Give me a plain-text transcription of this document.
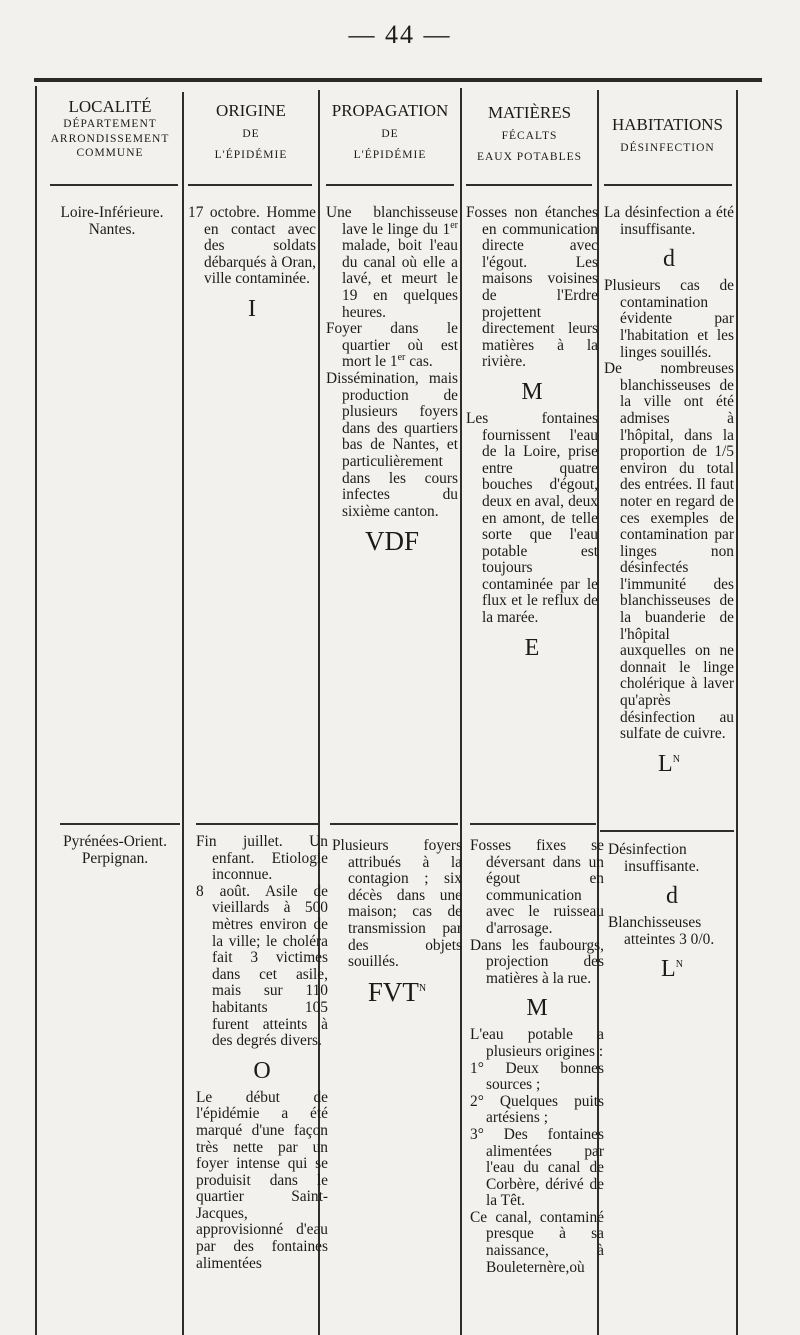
— 44 —
LOCALITÉ
DÉPARTEMENT
ARRONDISSEMENT
COMMUNE
ORIGINE
DE
L'ÉPIDÉMIE
PROPAGATION
DE
L'ÉPIDÉMIE
MATIÈRES
FÉCALTS
EAUX POTABLES
HABITATIONS
DÉSINFECTION

Loire-Inférieure.

Nantes.

17 octobre. Homme en contact avec des soldats débarqués à Oran, ville contaminée.

I

Une blanchisseuse lave le linge du 1er malade, boit l'eau du canal où elle a lavé, et meurt le 19 en quelques heures.

Foyer dans le quartier où est mort le 1er cas.

Dissémination, mais production de plusieurs foyers dans des quartiers bas de Nantes, et particulièrement dans les cours infectes du sixième canton.

VDF

Fosses non étanches en communication directe avec l'égout. Les maisons voisines de l'Erdre projettent directement leurs matières à la rivière.

M

Les fontaines fournissent l'eau de la Loire, prise entre quatre bouches d'égout, deux en aval, deux en amont, de telle sorte que l'eau potable est toujours contaminée par le flux et le reflux de la marée.

E

La désinfection a été insuffisante.

d

Plusieurs cas de contamination évidente par l'habitation et les linges souillés.

De nombreuses blanchisseuses de la ville ont été admises à l'hôpital, dans la proportion de 1/5 environ du total des entrées. Il faut noter en regard de ces exemples de contamination par linges non désinfectés l'immunité des blanchisseuses de la buanderie de l'hôpital auxquelles on ne donnait le linge cholérique à laver qu'après désinfection au sulfate de cuivre.

$L^N$

Pyrénées-Orient.

Perpignan.

Fin juillet. Un enfant. Etiologie inconnue.

8 août. Asile de vieillards à 500 mètres environ de la ville; le choléra fait 3 victimes dans cet asile, mais sur 110 habitants 105 furent atteints à des degrés divers.

O

Le début de l'épidémie a été marqué d'une façon très nette par un foyer intense qui se produisit dans le quartier Saint-Jacques, approvisionné d'eau par des fontaines alimentées

Plusieurs foyers attribués à la contagion ; six décès dans une maison; cas de transmission par des objets souillés.

$FVT^N$

Fosses fixes se déversant dans un égout en communication avec le ruisseau d'arrosage.

Dans les faubourgs, projection des matières à la rue.

M

L'eau potable a plusieurs origines :

1° Deux bonnes sources ;

2° Quelques puits artésiens ;

3° Des fontaines alimentées par l'eau du canal de Corbère, dérivé de la Têt.

Ce canal, contaminé presque à sa naissance, à Bouleternère,où

Désinfection insuffisante.

d

Blanchisseuses atteintes 3 0/0.

$L^N$
